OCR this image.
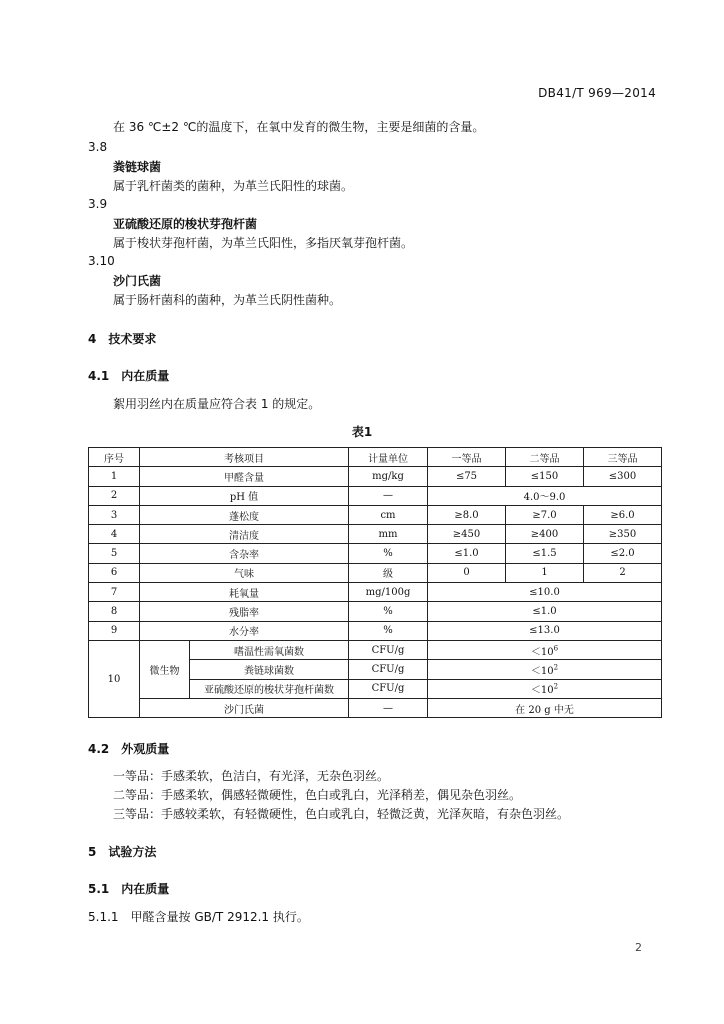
DB41/T 969—2014
在 36 ℃±2 ℃的温度下，在氧中发育的微生物，主要是细菌的含量。
3.8
粪链球菌
属于乳杆菌类的菌种，为革兰氏阳性的球菌。
3.9
亚硫酸还原的梭状芽孢杆菌
属于梭状芽孢杆菌，为革兰氏阳性，多指厌氧芽孢杆菌。
3.10
沙门氏菌
属于肠杆菌科的菌种，为革兰氏阴性菌种。
4　技术要求
4.1　内在质量
絮用羽丝内在质量应符合表 1 的规定。
表1
序号	考核项目		计量单位	一等品	二等品	三等品
1	甲醛含量		mg/kg	≤75	≤150	≤300
2	pH 值		—	4.0～9.0		
3	蓬松度		cm	≥8.0	≥7.0	≥6.0
4	清洁度		mm	≥450	≥400	≥350
5	含杂率		%	≤1.0	≤1.5	≤2.0
6	气味		级	0	1	2
7	耗氧量		mg/100g	≤10.0		
8	残脂率		%	≤1.0		
9	水分率		%	≤13.0		
10	微生物	嗜温性需氧菌数	CFU/g	$<10^6$
		粪链球菌数	CFU/g	$<10^2$
		亚硫酸还原的梭状芽孢杆菌数	CFU/g	$<10^2$
	沙门氏菌		—	在 20 g 中无		
4.2　外观质量
一等品：手感柔软，色洁白，有光泽，无杂色羽丝。
二等品：手感柔软，偶感轻微硬性，色白或乳白，光泽稍差，偶见杂色羽丝。
三等品：手感较柔软，有轻微硬性，色白或乳白，轻微泛黄，光泽灰暗，有杂色羽丝。
5　试验方法
5.1　内在质量
5.1.1　甲醛含量按 GB/T 2912.1 执行。
2
